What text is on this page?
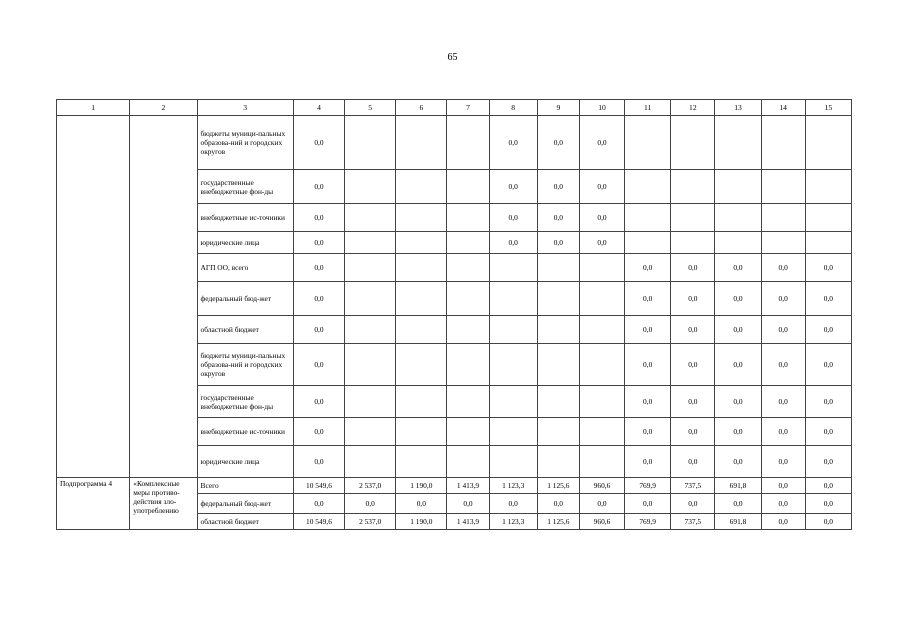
65
1	2	3	4	5	6	7	8	9	10	11	12	13	14	15
		бюджеты муници-пальных образова-ний и городских округов	0,0				0,0	0,0	0,0					
		государственные внебюджетные фон-ды	0,0				0,0	0,0	0,0					
		внебюджетные ис-точники	0,0				0,0	0,0	0,0					
		юридические лица	0,0				0,0	0,0	0,0					
		АГП ОО, всего	0,0							0,0	0,0	0,0	0,0	0,0
		федеральный бюд-жет	0,0							0,0	0,0	0,0	0,0	0,0
		областной бюджет	0,0							0,0	0,0	0,0	0,0	0,0
		бюджеты муници-пальных образова-ний и городских округов	0,0							0,0	0,0	0,0	0,0	0,0
		государственные внебюджетные фон-ды	0,0							0,0	0,0	0,0	0,0	0,0
		внебюджетные ис-точники	0,0							0,0	0,0	0,0	0,0	0,0
		юридические лица	0,0							0,0	0,0	0,0	0,0	0,0
Подпрограмма 4	«Комплексные меры противо-действия зло-употреблению	Всего	10 549,6	2 537,0	1 190,0	1 413,9	1 123,3	1 125,6	960,6	769,9	737,5	691,8	0,0	0,0
		федеральный бюд-жет	0,0	0,0	0,0	0,0	0,0	0,0	0,0	0,0	0,0	0,0	0,0	0,0
		областной бюджет	10 549,6	2 537,0	1 190,0	1 413,9	1 123,3	1 125,6	960,6	769,9	737,5	691,8	0,0	0,0
